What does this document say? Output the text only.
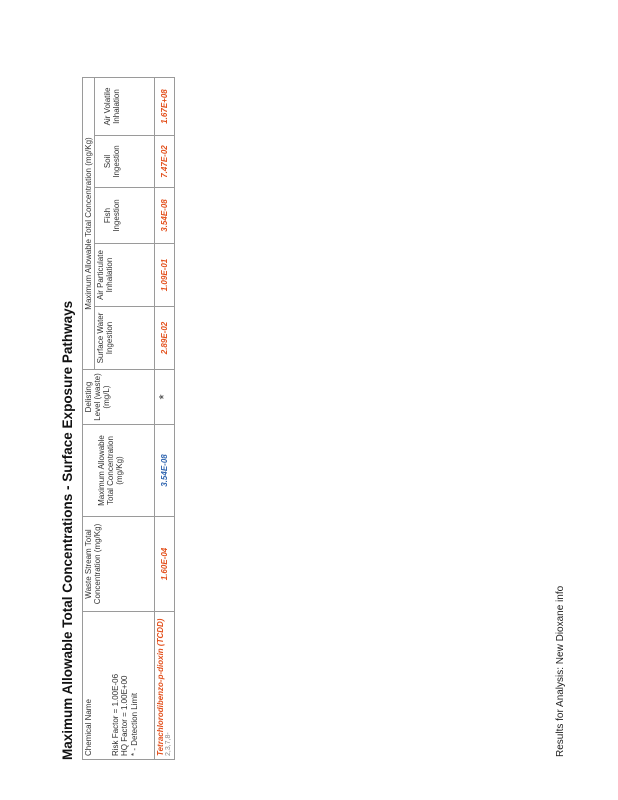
Maximum Allowable Total Concentrations - Surface Exposure Pathways Chemical Name Risk Factor = 1.00E-06 HQ Factor = 1.00E+00 * - Detection Limit	Waste Stream Total Concentration (mg/Kg)	Maximum Allowable Total Concentration (mg/Kg)	Delisting Level (waste) (mg/L)	Maximum Allowable Total Concentration (mg/Kg)				
				Surface Water Ingestion	Air Particulate Inhalation	Fish Ingestion	Soil Ingestion	Air Volatile Inhalation

Tetrachlorodibenzo-p-dioxin (TCDD) 2,3,7,8-	1.60E-04	3.54E-08	*	2.89E-02	1.09E-01	3.54E-08	7.47E-02	1.67E+08
Results for Analysis: New Dioxane info
